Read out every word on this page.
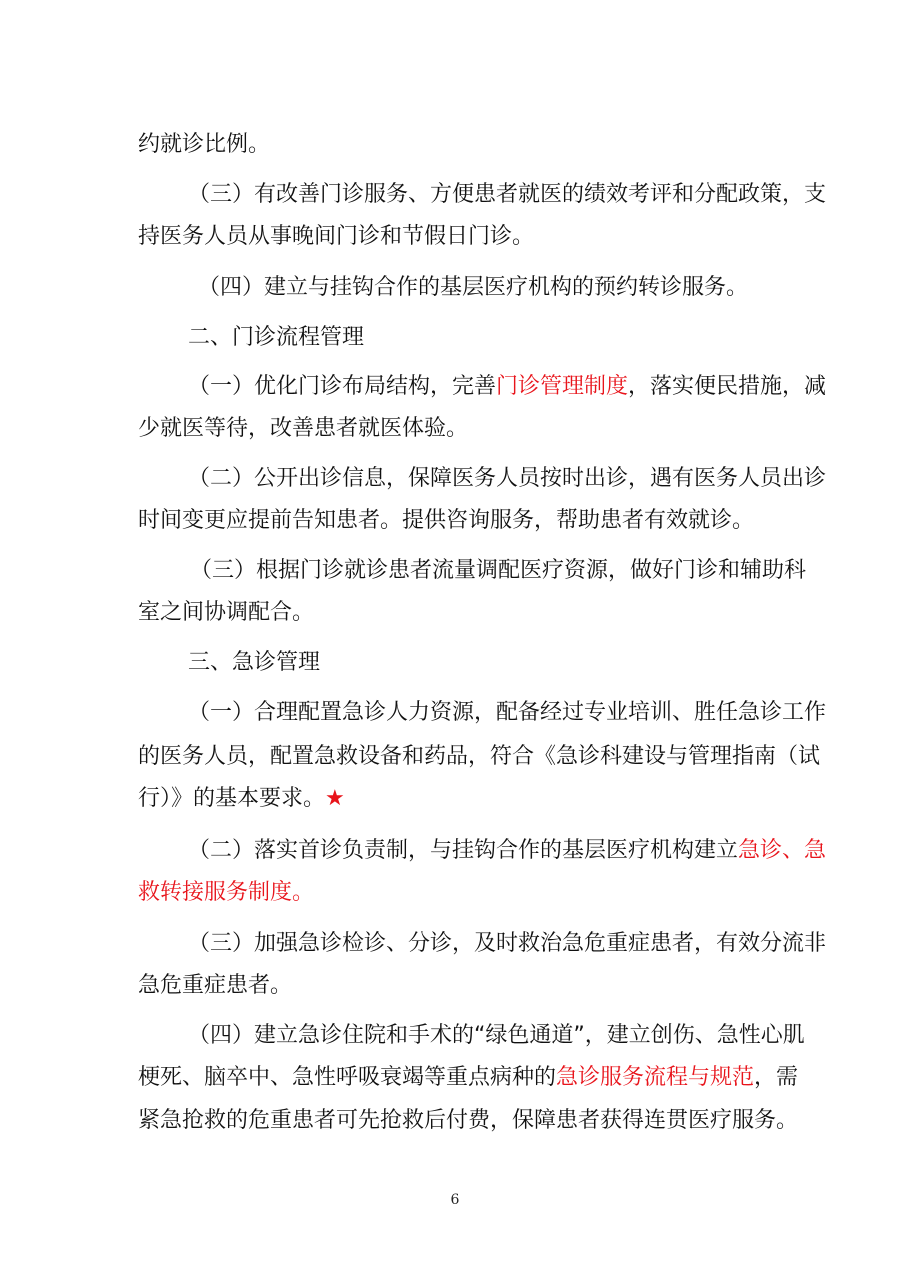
约就诊比例。
（三）有改善门诊服务、方便患者就医的绩效考评和分配政策，支
持医务人员从事晚间门诊和节假日门诊。
（四）建立与挂钩合作的基层医疗机构的预约转诊服务。
二、门诊流程管理
（一）优化门诊布局结构，完善门诊管理制度，落实便民措施，减
少就医等待，改善患者就医体验。
（二）公开出诊信息，保障医务人员按时出诊，遇有医务人员出诊
时间变更应提前告知患者。提供咨询服务，帮助患者有效就诊。
（三）根据门诊就诊患者流量调配医疗资源，做好门诊和辅助科
室之间协调配合。
三、急诊管理
（一）合理配置急诊人力资源，配备经过专业培训、胜任急诊工作
的医务人员，配置急救设备和药品，符合《急诊科建设与管理指南（试
行）》的基本要求。★
（二）落实首诊负责制，与挂钩合作的基层医疗机构建立急诊、急
救转接服务制度。
（三）加强急诊检诊、分诊，及时救治急危重症患者，有效分流非
急危重症患者。
（四）建立急诊住院和手术的“绿色通道”，建立创伤、急性心肌
梗死、脑卒中、急性呼吸衰竭等重点病种的急诊服务流程与规范，需
紧急抢救的危重患者可先抢救后付费，保障患者获得连贯医疗服务。
6
